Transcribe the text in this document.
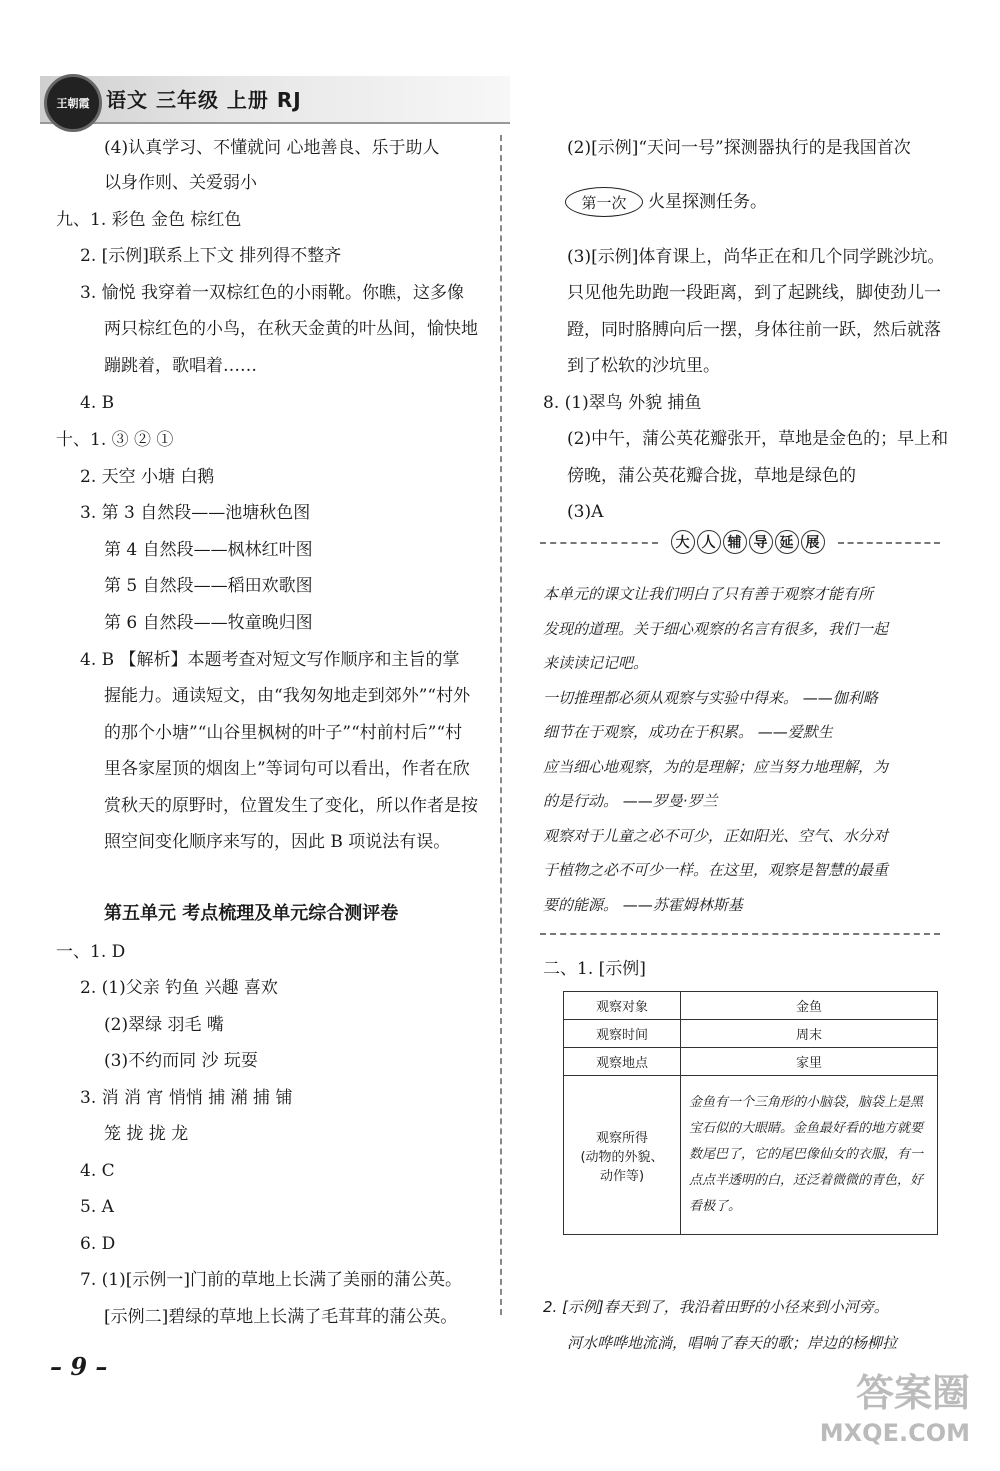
王朝霞 语文 三年级 上册 RJ
(4)认真学习、不懂就问 心地善良、乐于助人
以身作则、关爱弱小
九、1. 彩色 金色 棕红色
2. [示例]联系上下文 排列得不整齐
3. 愉悦 我穿着一双棕红色的小雨靴。你瞧，这多像
两只棕红色的小鸟，在秋天金黄的叶丛间，愉快地
蹦跳着，歌唱着……
4. B
十、1. ③ ② ①
2. 天空 小塘 白鹅
3. 第 3 自然段——池塘秋色图
第 4 自然段——枫林红叶图
第 5 自然段——稻田欢歌图
第 6 自然段——牧童晚归图
4. B 【解析】本题考查对短文写作顺序和主旨的掌
握能力。通读短文，由“我匆匆地走到郊外”“村外
的那个小塘”“山谷里枫树的叶子”“村前村后”“村
里各家屋顶的烟囱上”等词句可以看出，作者在欣
赏秋天的原野时，位置发生了变化，所以作者是按
照空间变化顺序来写的，因此 B 项说法有误。
一、1. D
2. (1)父亲 钓鱼 兴趣 喜欢
(2)翠绿 羽毛 嘴
(3)不约而同 沙 玩耍
3. 消 消 宵 悄悄 捕 潲 捕 铺
笼 拢 拢 龙
4. C
5. A
6. D
7. (1)[示例一]门前的草地上长满了美丽的蒲公英。
[示例二]碧绿的草地上长满了毛茸茸的蒲公英。
第五单元 考点梳理及单元综合测评卷
(2)[示例]“天问一号”探测器执行的是我国首次
火星探测任务。
(3)[示例]体育课上，尚华正在和几个同学跳沙坑。
只见他先助跑一段距离，到了起跳线，脚使劲儿一
蹬，同时胳膊向后一摆，身体往前一跃，然后就落
到了松软的沙坑里。
8. (1)翠鸟 外貌 捕鱼
(2)中午，蒲公英花瓣张开，草地是金色的；早上和
傍晚，蒲公英花瓣合拢，草地是绿色的
(3)A
第一次
大 人 辅 导 延 展
本单元的课文让我们明白了只有善于观察才能有所
发现的道理。关于细心观察的名言有很多，我们一起
来读读记记吧。
一切推理都必须从观察与实验中得来。 ——伽利略
细节在于观察，成功在于积累。 ——爱默生
应当细心地观察，为的是理解；应当努力地理解，为
的是行动。 ——罗曼·罗兰
观察对于儿童之必不可少，正如阳光、空气、水分对
于植物之必不可少一样。在这里，观察是智慧的最重
要的能源。 ——苏霍姆林斯基
二、1. [示例]
观察对象	金鱼
观察时间	周末
观察地点	家里
观察所得
(动物的外貌、
动作等)	金鱼有一个三角形的小脑袋，脑袋上是黑宝石似的大眼睛。金鱼最好看的地方就要数尾巴了，它的尾巴像仙女的衣服，有一点点半透明的白，还泛着微微的青色，好看极了。
2. [示例]春天到了，我沿着田野的小径来到小河旁。
河水哗哗地流淌，唱响了春天的歌；岸边的杨柳拉
– 9 –
答案圈
MXQE.COM
